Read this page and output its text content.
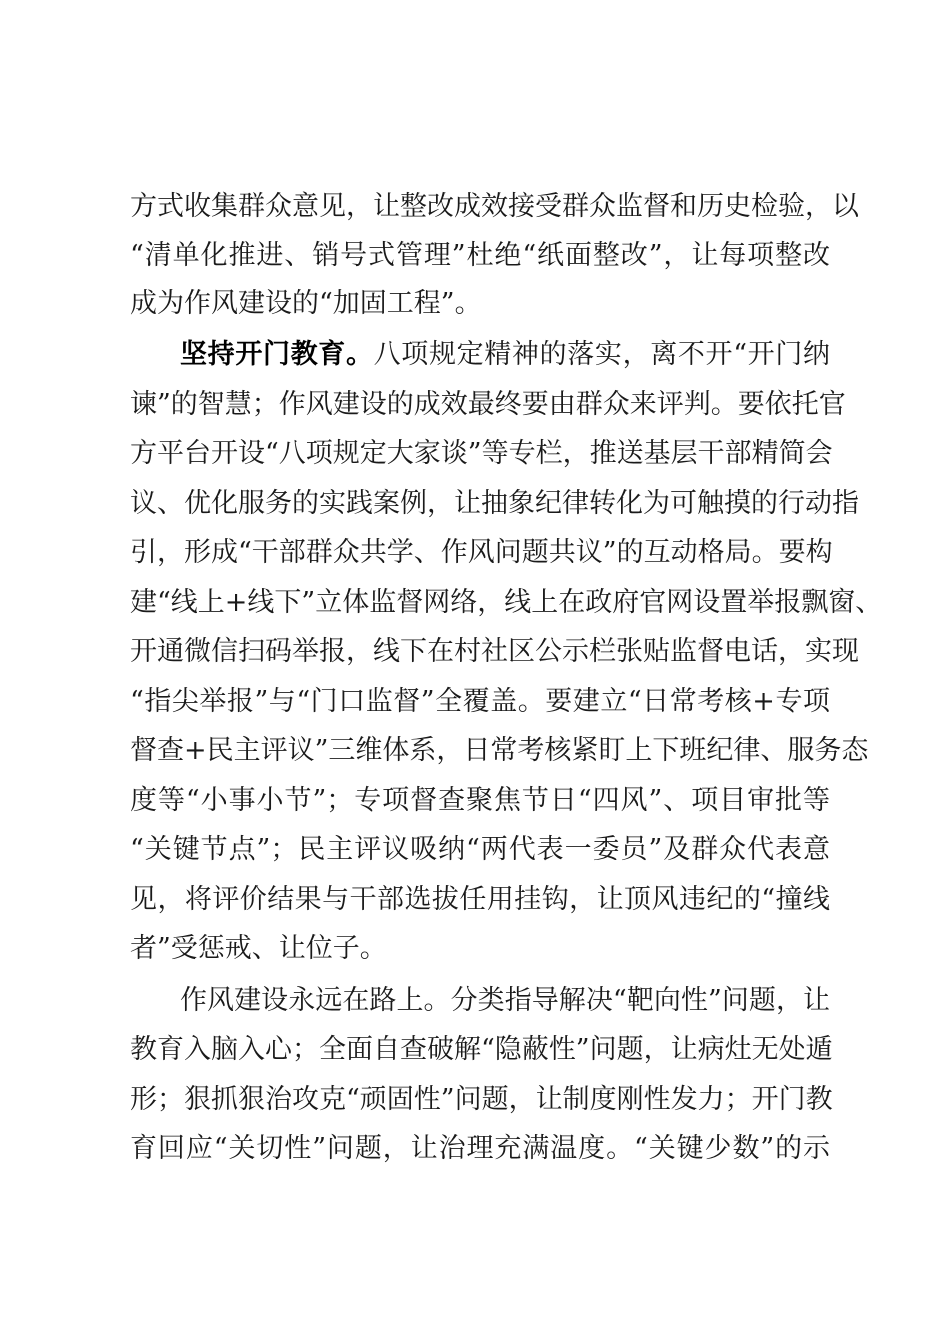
方式收集群众意见，让整改成效接受群众监督和历史检验，以
“清单化推进、销号式管理”杜绝“纸面整改”，让每项整改
成为作风建设的“加固工程”。
坚持开门教育。八项规定精神的落实，离不开“开门纳
谏”的智慧；作风建设的成效最终要由群众来评判。要依托官
方平台开设“八项规定大家谈”等专栏，推送基层干部精简会
议、优化服务的实践案例，让抽象纪律转化为可触摸的行动指
引，形成“干部群众共学、作风问题共议”的互动格局。要构
建“线上+线下”立体监督网络，线上在政府官网设置举报飘窗、
开通微信扫码举报，线下在村社区公示栏张贴监督电话，实现
“指尖举报”与“门口监督”全覆盖。要建立“日常考核+专项
督查+民主评议”三维体系，日常考核紧盯上下班纪律、服务态
度等“小事小节”；专项督查聚焦节日“四风”、项目审批等
“关键节点”；民主评议吸纳“两代表一委员”及群众代表意
见，将评价结果与干部选拔任用挂钩，让顶风违纪的“撞线
者”受惩戒、让位子。
作风建设永远在路上。分类指导解决“靶向性”问题，让
教育入脑入心；全面自查破解“隐蔽性”问题，让病灶无处遁
形；狠抓狠治攻克“顽固性”问题，让制度刚性发力；开门教
育回应“关切性”问题，让治理充满温度。“关键少数”的示
